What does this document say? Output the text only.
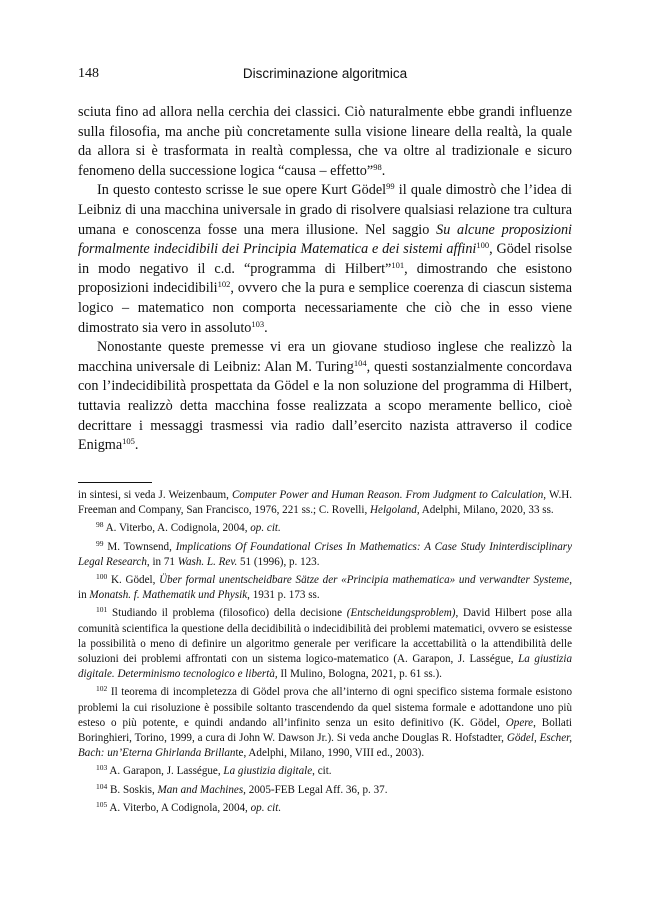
148	Discriminazione algoritmica

sciuta fino ad allora nella cerchia dei classici. Ciò naturalmente ebbe grandi influenze sulla filosofia, ma anche più concretamente sulla visione lineare della realtà, la quale da allora si è trasformata in realtà complessa, che va oltre al tradizionale e sicuro fenomeno della successione logica “causa – effetto”$^{98}$.

In questo contesto scrisse le sue opere Kurt Gödel$^{99}$ il quale dimostrò che l’idea di Leibniz di una macchina universale in grado di risolvere qualsiasi relazione tra cultura umana e conoscenza fosse una mera illusione. Nel saggio Su alcune proposizioni formalmente indecidibili dei Principia Matematica e dei sistemi affini$^{100}$, Gödel risolse in modo negativo il c.d. “programma di Hilbert”$^{101}$, dimostrando che esistono proposizioni indecidibili$^{102}$, ovvero che la pura e semplice coerenza di ciascun sistema logico – matematico non comporta necessariamente che ciò che in esso viene dimostrato sia vero in assoluto$^{103}$.

Nonostante queste premesse vi era un giovane studioso inglese che realizzò la macchina universale di Leibniz: Alan M. Turing$^{104}$, questi sostanzialmente concordava con l’indecidibilità prospettata da Gödel e la non soluzione del programma di Hilbert, tuttavia realizzò detta macchina fosse realizzata a scopo meramente bellico, cioè decrittare i messaggi trasmessi via radio dall’esercito nazista attraverso il codice Enigma$^{105}$.

in sintesi, si veda J. Weizenbaum, Computer Power and Human Reason. From Judgment to Calculation, W.H. Freeman and Company, San Francisco, 1976, 221 ss.; C. Rovelli, Helgoland, Adelphi, Milano, 2020, 33 ss.

$^{98}$ A. Viterbo, A. Codignola, 2004, op. cit.

$^{99}$ M. Townsend, Implications Of Foundational Crises In Mathematics: A Case Study Ininterdisciplinary Legal Research, in 71 Wash. L. Rev. 51 (1996), p. 123.

$^{100}$ K. Gödel, Über formal unentscheidbare Sätze der «Principia mathematica» und verwandter Systeme, in Monatsh. f. Mathematik und Physik, 1931 p. 173 ss.

$^{101}$ Studiando il problema (filosofico) della decisione (Entscheidungsproblem), David Hilbert pose alla comunità scientifica la questione della decidibilità o indecidibilità dei problemi matematici, ovvero se esistesse la possibilità o meno di definire un algoritmo generale per verificare la accettabilità o la attendibilità delle soluzioni dei problemi affrontati con un sistema logico-matematico (A. Garapon, J. Lasségue, La giustizia digitale. Determinismo tecnologico e libertà, Il Mulino, Bologna, 2021, p. 61 ss.).

$^{102}$ Il teorema di incompletezza di Gödel prova che all’interno di ogni specifico sistema formale esistono problemi la cui risoluzione è possibile soltanto trascendendo da quel sistema formale e adottandone uno più esteso o più potente, e quindi andando all’infinito senza un esito definitivo (K. Gödel, Opere, Bollati Boringhieri, Torino, 1999, a cura di John W. Dawson Jr.). Si veda anche Douglas R. Hofstadter, Gödel, Escher, Bach: un’Eterna Ghirlanda Brillante, Adelphi, Milano, 1990, VIII ed., 2003).

$^{103}$ A. Garapon, J. Lasségue, La giustizia digitale, cit.

$^{104}$ B. Soskis, Man and Machines, 2005-FEB Legal Aff. 36, p. 37.

$^{105}$ A. Viterbo, A Codignola, 2004, op. cit.
